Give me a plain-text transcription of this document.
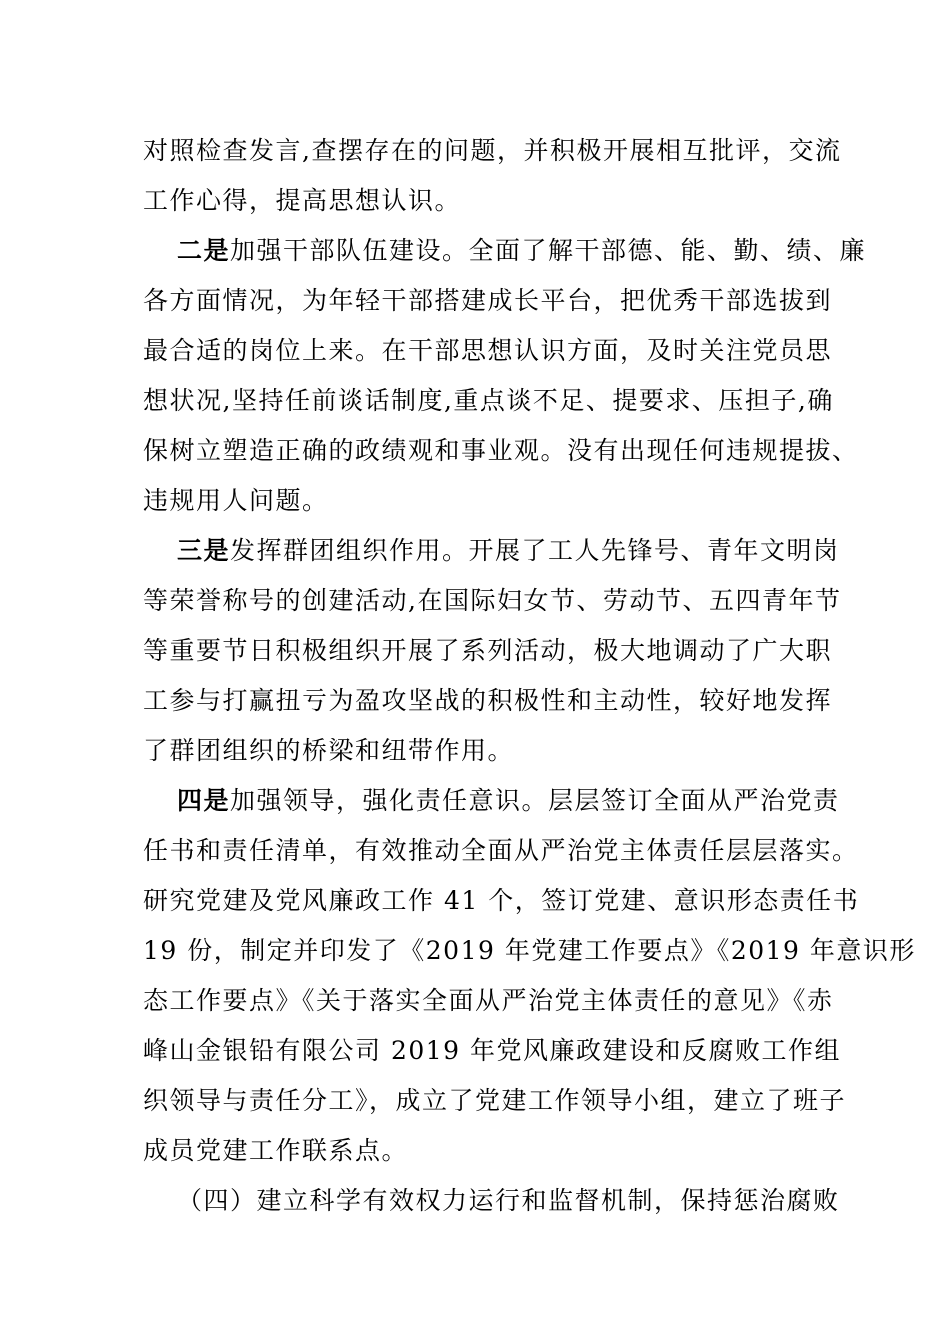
对照检查发言,查摆存在的问题，并积极开展相互批评，交流
工作心得，提高思想认识。
二是加强干部队伍建设。全面了解干部德、能、勤、绩、廉
各方面情况，为年轻干部搭建成长平台，把优秀干部选拔到
最合适的岗位上来。在干部思想认识方面，及时关注党员思
想状况,坚持任前谈话制度,重点谈不足、提要求、压担子,确
保树立塑造正确的政绩观和事业观。没有出现任何违规提拔、
违规用人问题。
三是发挥群团组织作用。开展了工人先锋号、青年文明岗
等荣誉称号的创建活动,在国际妇女节、劳动节、五四青年节
等重要节日积极组织开展了系列活动，极大地调动了广大职
工参与打赢扭亏为盈攻坚战的积极性和主动性，较好地发挥
了群团组织的桥梁和纽带作用。
四是加强领导，强化责任意识。层层签订全面从严治党责
任书和责任清单，有效推动全面从严治党主体责任层层落实。
研究党建及党风廉政工作 41 个，签订党建、意识形态责任书
19 份，制定并印发了《2019 年党建工作要点》《2019 年意识形
态工作要点》《关于落实全面从严治党主体责任的意见》《赤
峰山金银铅有限公司 2019 年党风廉政建设和反腐败工作组
织领导与责任分工》，成立了党建工作领导小组，建立了班子
成员党建工作联系点。
（四）建立科学有效权力运行和监督机制，保持惩治腐败
